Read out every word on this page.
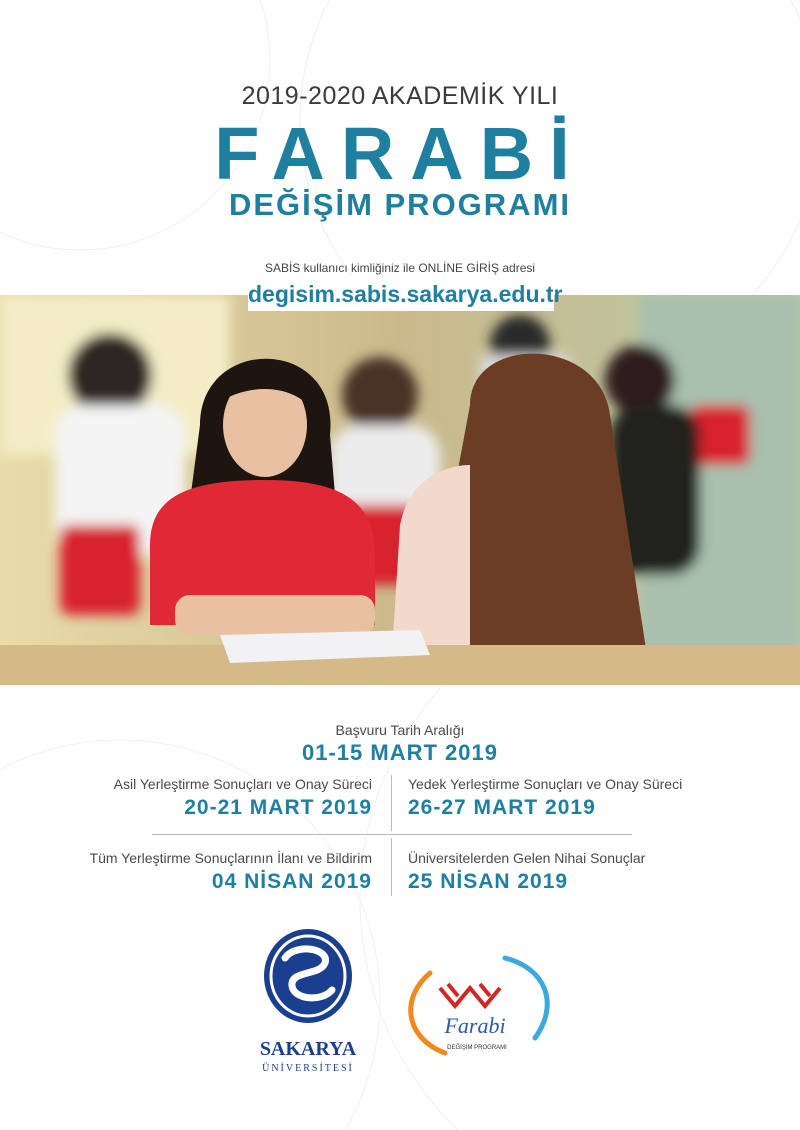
2019-2020 AKADEMİK YILI
FARABİ
DEĞİŞİM PROGRAMI
SABİS kullanıcı kimliğiniz ile ONLİNE GİRİŞ adresi
degisim.sabis.sakarya.edu.tr
Başvuru Tarih Aralığı
01-15 MART 2019
Asil Yerleştirme Sonuçları ve Onay Süreci
20-21 MART 2019
Yedek Yerleştirme Sonuçları ve Onay Süreci
26-27 MART 2019
Tüm Yerleştirme Sonuçlarının İlanı ve Bildirim
04 NİSAN 2019
Üniversitelerden Gelen Nihai Sonuçlar
25 NİSAN 2019
SAKARYA
ÜNİVERSİTESİ
Farabi
DEĞİŞİM PROGRAMI
